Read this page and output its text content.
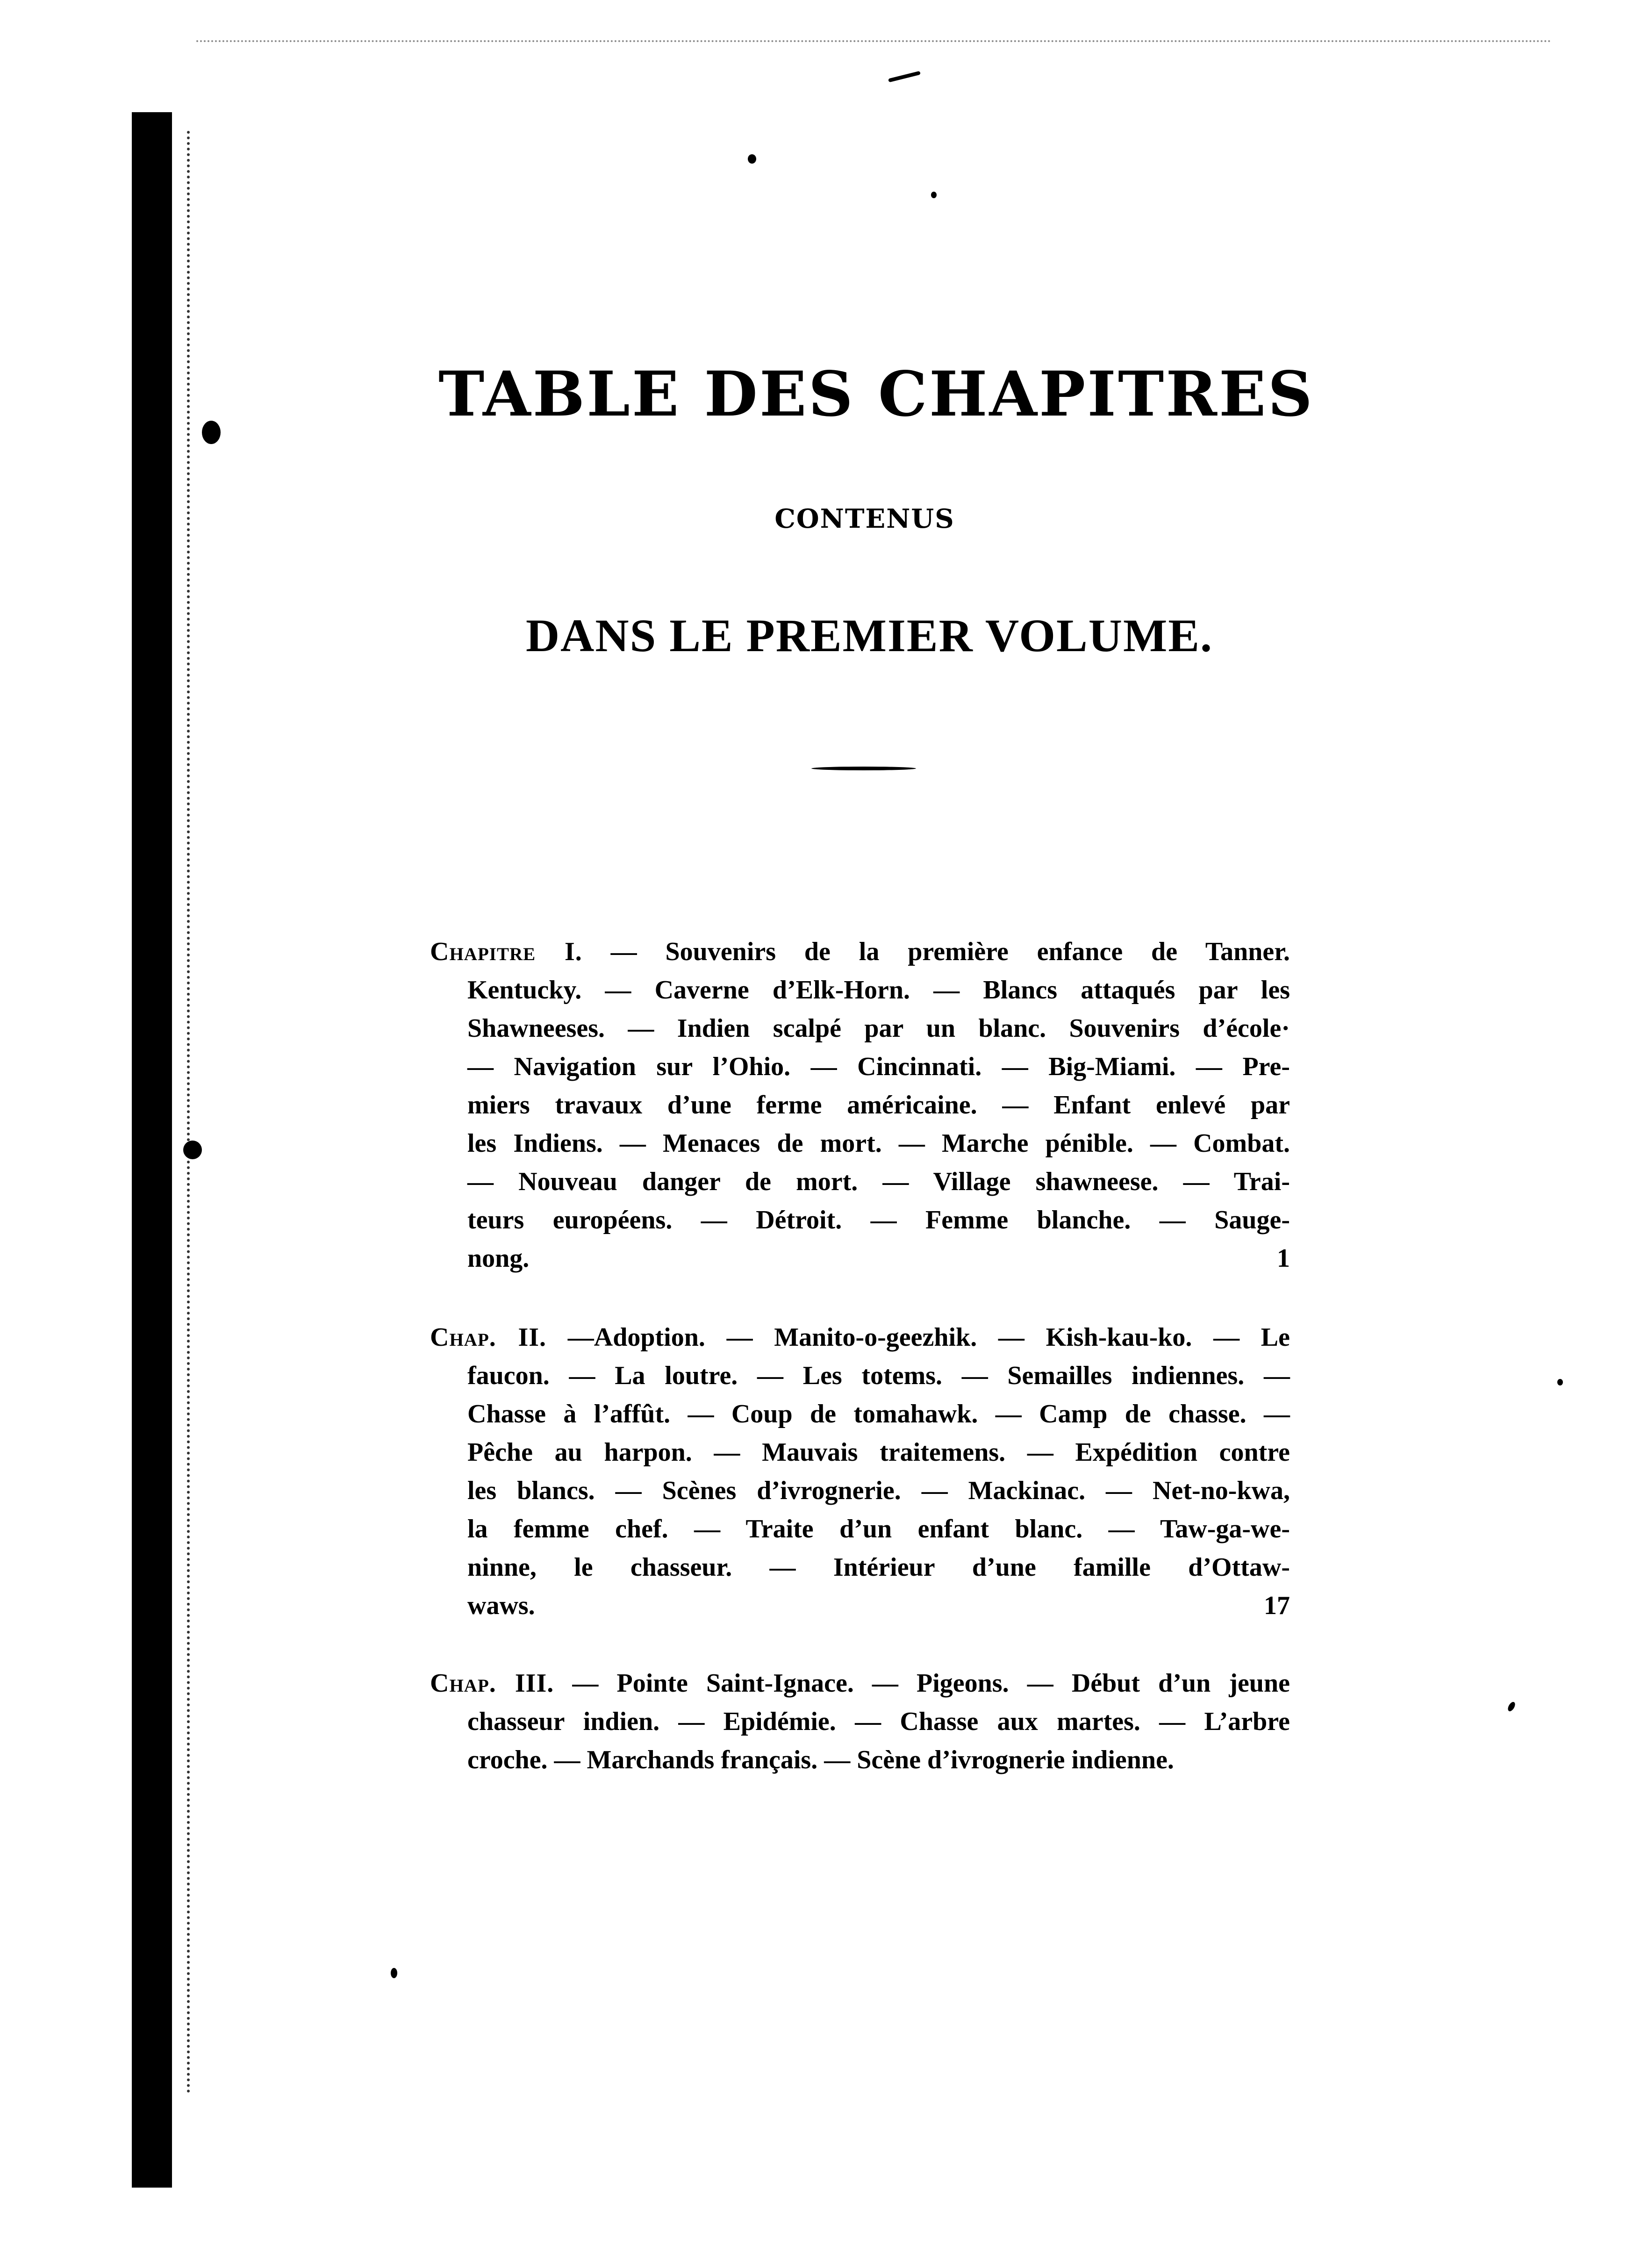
TABLE DES CHAPITRES
CONTENUS
DANS LE PREMIER VOLUME.
Chapitre I. — Souvenirs de la première enfance de Tanner.
Kentucky. — Caverne d’Elk-Horn. — Blancs attaqués par les
Shawneeses. — Indien scalpé par un blanc. Souvenirs d’école·
— Navigation sur l’Ohio. — Cincinnati. — Big-Miami. — Pre-
miers travaux d’une ferme américaine. — Enfant enlevé par
les Indiens. — Menaces de mort. — Marche pénible. — Combat.
— Nouveau danger de mort. — Village shawneese. — Trai-
teurs européens. — Détroit. — Femme blanche. — Sauge-
nong.	1
Chap. II. —Adoption. — Manito-o-geezhik. — Kish-kau-ko. — Le
faucon. — La loutre. — Les totems. — Semailles indiennes. —
Chasse à l’affût. — Coup de tomahawk. — Camp de chasse. —
Pêche au harpon. — Mauvais traitemens. — Expédition contre
les blancs. — Scènes d’ivrognerie. — Mackinac. — Net-no-kwa,
la femme chef. — Traite d’un enfant blanc. — Taw-ga-we-
ninne, le chasseur. — Intérieur d’une famille d’Ottaw-
waws.	17
Chap. III. — Pointe Saint-Ignace. — Pigeons. — Début d’un jeune
chasseur indien. — Epidémie. — Chasse aux martes. — L’arbre
croche. — Marchands français. — Scène d’ivrognerie indienne.
